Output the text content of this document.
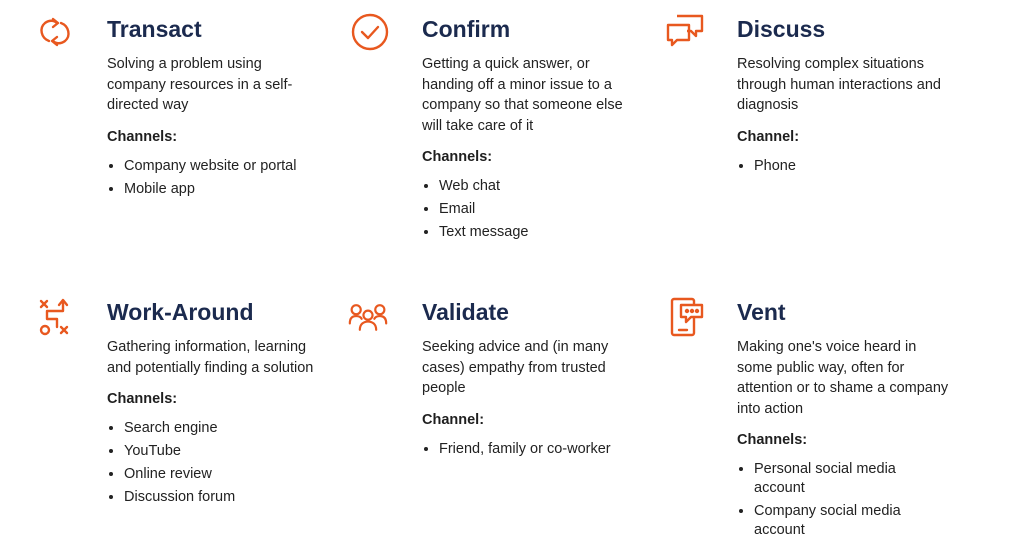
Transact

Solving a problem using company resources in a self-directed way

Channels:

• Company website or portal
• Mobile app
Confirm

Getting a quick answer, or handing off a minor issue to a company so that someone else will take care of it

Channels:

• Web chat
• Email
• Text message
Discuss

Resolving complex situations through human interactions and diagnosis

Channel:

• Phone
Work-Around

Gathering information, learning and potentially finding a solution

Channels:

• Search engine
• YouTube
• Online review
• Discussion forum
Validate

Seeking advice and (in many cases) empathy from trusted people

Channel:

• Friend, family or co-worker
Vent

Making one's voice heard in some public way, often for attention or to shame a company into action

Channels:

• Personal social media account
• Company social media account
